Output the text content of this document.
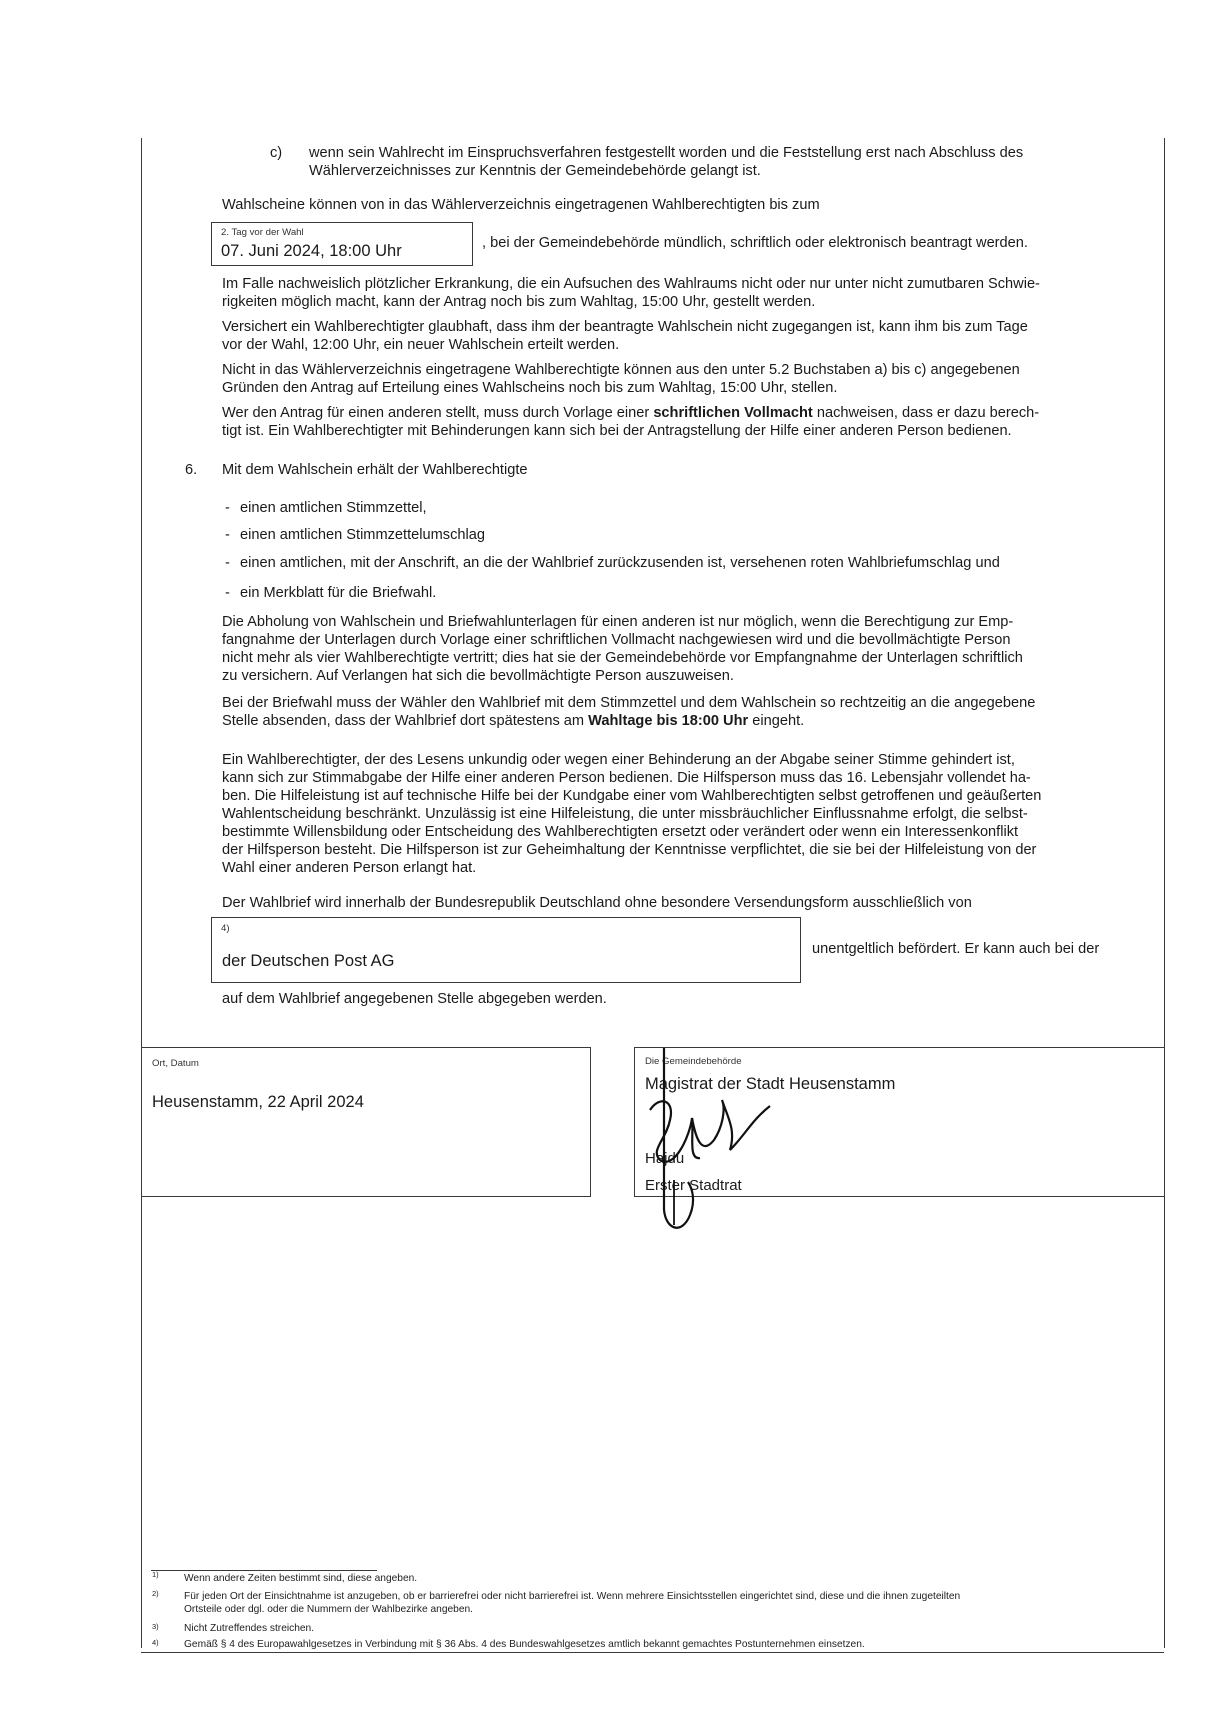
c) wenn sein Wahlrecht im Einspruchsverfahren festgestellt worden und die Feststellung erst nach Abschluss des
Wählerverzeichnisses zur Kenntnis der Gemeindebehörde gelangt ist.
Wahlscheine können von in das Wählerverzeichnis eingetragenen Wahlberechtigten bis zum
2. Tag vor der Wahl
07. Juni 2024, 18:00 Uhr	, bei der Gemeindebehörde mündlich, schriftlich oder elektronisch beantragt werden.
Im Falle nachweislich plötzlicher Erkrankung, die ein Aufsuchen des Wahlraums nicht oder nur unter nicht zumutbaren Schwie-
rigkeiten möglich macht, kann der Antrag noch bis zum Wahltag, 15:00 Uhr, gestellt werden.
Versichert ein Wahlberechtigter glaubhaft, dass ihm der beantragte Wahlschein nicht zugegangen ist, kann ihm bis zum Tage
vor der Wahl, 12:00 Uhr, ein neuer Wahlschein erteilt werden.
Nicht in das Wählerverzeichnis eingetragene Wahlberechtigte können aus den unter 5.2 Buchstaben a) bis c) angegebenen
Gründen den Antrag auf Erteilung eines Wahlscheins noch bis zum Wahltag, 15:00 Uhr, stellen.
Wer den Antrag für einen anderen stellt, muss durch Vorlage einer schriftlichen Vollmacht nachweisen, dass er dazu berech-
tigt ist. Ein Wahlberechtigter mit Behinderungen kann sich bei der Antragstellung der Hilfe einer anderen Person bedienen.
6. Mit dem Wahlschein erhält der Wahlberechtigte
- einen amtlichen Stimmzettel,
- einen amtlichen Stimmzettelumschlag
- einen amtlichen, mit der Anschrift, an die der Wahlbrief zurückzusenden ist, versehenen roten Wahlbriefumschlag und
- ein Merkblatt für die Briefwahl.
Die Abholung von Wahlschein und Briefwahlunterlagen für einen anderen ist nur möglich, wenn die Berechtigung zur Emp-
fangnahme der Unterlagen durch Vorlage einer schriftlichen Vollmacht nachgewiesen wird und die bevollmächtigte Person
nicht mehr als vier Wahlberechtigte vertritt; dies hat sie der Gemeindebehörde vor Empfangnahme der Unterlagen schriftlich
zu versichern. Auf Verlangen hat sich die bevollmächtigte Person auszuweisen.
Bei der Briefwahl muss der Wähler den Wahlbrief mit dem Stimmzettel und dem Wahlschein so rechtzeitig an die angegebene
Stelle absenden, dass der Wahlbrief dort spätestens am Wahltage bis 18:00 Uhr eingeht.
Ein Wahlberechtigter, der des Lesens unkundig oder wegen einer Behinderung an der Abgabe seiner Stimme gehindert ist,
kann sich zur Stimmabgabe der Hilfe einer anderen Person bedienen. Die Hilfsperson muss das 16. Lebensjahr vollendet ha-
ben. Die Hilfeleistung ist auf technische Hilfe bei der Kundgabe einer vom Wahlberechtigten selbst getroffenen und geäußerten
Wahlentscheidung beschränkt. Unzulässig ist eine Hilfeleistung, die unter missbräuchlicher Einflussnahme erfolgt, die selbst-
bestimmte Willensbildung oder Entscheidung des Wahlberechtigten ersetzt oder verändert oder wenn ein Interessenkonflikt
der Hilfsperson besteht. Die Hilfsperson ist zur Geheimhaltung der Kenntnisse verpflichtet, die sie bei der Hilfeleistung von der
Wahl einer anderen Person erlangt hat.
Der Wahlbrief wird innerhalb der Bundesrepublik Deutschland ohne besondere Versendungsform ausschließlich von
4)
der Deutschen Post AG
unentgeltlich befördert. Er kann auch bei der
auf dem Wahlbrief angegebenen Stelle abgegeben werden.
Ort, Datum
Heusenstamm, 22 April 2024
Die Gemeindebehörde
Magistrat der Stadt Heusenstamm
Hajdu
Erster Stadtrat
1) Wenn andere Zeiten bestimmt sind, diese angeben.
2) Für jeden Ort der Einsichtnahme ist anzugeben, ob er barrierefrei oder nicht barrierefrei ist. Wenn mehrere Einsichtsstellen eingerichtet sind, diese und die ihnen zugeteilten
Ortsteile oder dgl. oder die Nummern der Wahlbezirke angeben.
3) Nicht Zutreffendes streichen.
4) Gemäß § 4 des Europawahlgesetzes in Verbindung mit § 36 Abs. 4 des Bundeswahlgesetzes amtlich bekannt gemachtes Postunternehmen einsetzen.
